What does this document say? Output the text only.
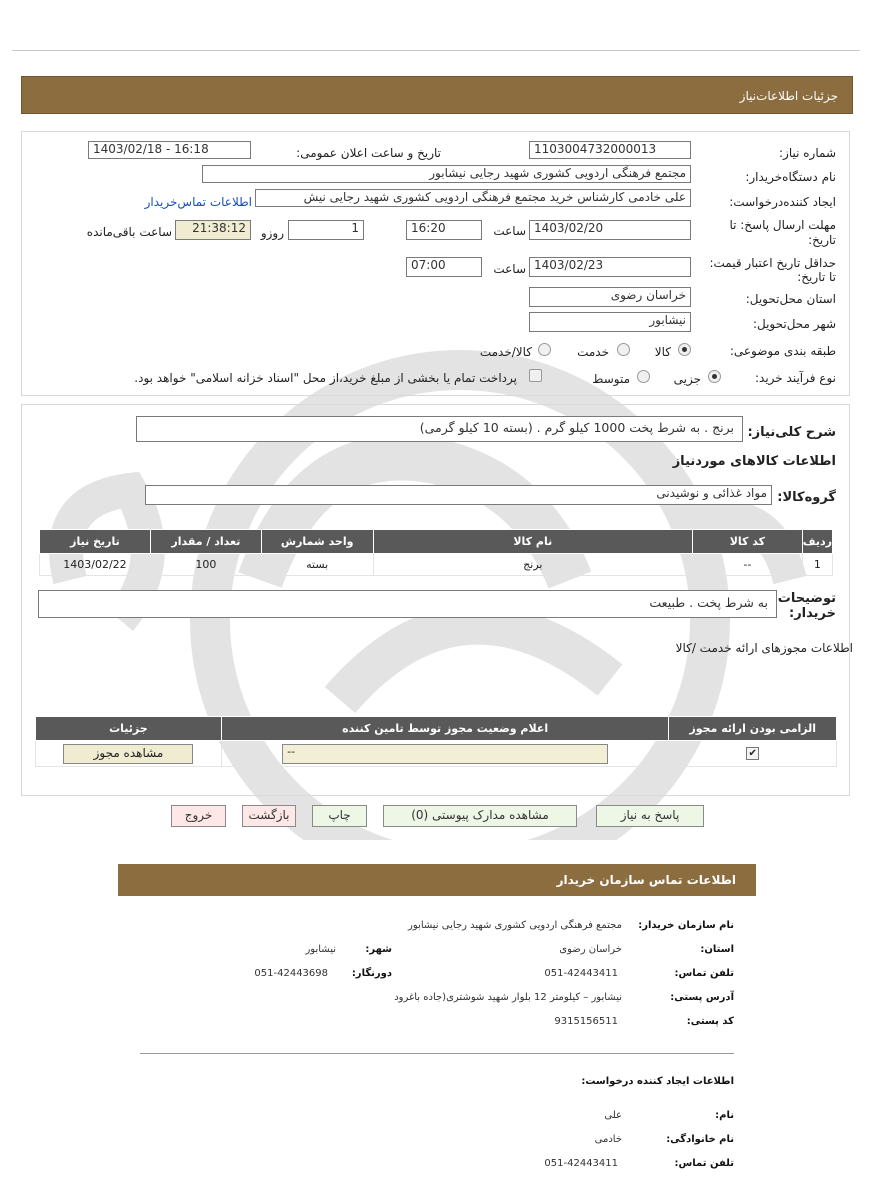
جزئیات اطلاعات‌نیاز
شماره نیاز:
1103004732000013
تاریخ و ساعت اعلان عمومی:
1403/02/18 - 16:18
نام دستگاه‌خریدار:
مجتمع فرهنگی اردویی کشوری شهید رجایی نیشابور
ایجاد کننده‌درخواست:
علی خادمی کارشناس خرید مجتمع فرهنگی اردویی کشوری شهید رجایی نیش
اطلاعات تماس‌خریدار
مهلت ارسال پاسخ: تا
تاریخ:
1403/02/20
ساعت
16:20
1
روزو
21:38:12
ساعت باقی‌مانده
حداقل تاریخ اعتبار قیمت:
تا تاریخ:
1403/02/23
ساعت
07:00
استان محل‌تحویل:
خراسان رضوی
شهر محل‌تحویل:
نیشابور
طبقه بندی موضوعی:
کالا
خدمت
کالا/خدمت
نوع فرآیند خرید:
جزیی
متوسط
پرداخت تمام یا بخشی از مبلغ خرید،از محل "اسناد خزانه اسلامی" خواهد بود.
شرح کلی‌نیاز:
برنج . به شرط پخت 1000 کیلو گرم . (بسته 10 کیلو گرمی)
اطلاعات کالاهای موردنیاز
گروه‌کالا:
مواد غذائی و نوشیدنی
ردیف	کد کالا	نام کالا	واحد شمارش	تعداد / مقدار	تاریخ نیاز
1	--	برنج	بسته	100	1403/02/22
توضیحات
خریدار:
به شرط پخت . طبیعت
اطلاعات مجوزهای ارائه خدمت /کالا
الزامی بودن ارائه مجوز	اعلام وضعیت مجوز توسط تامین کننده	جزئیات
✔	--	مشاهده مجوز
پاسخ به نیاز
مشاهده مدارک پیوستی (0)
چاپ
بازگشت
خروج
اطلاعات تماس سازمان خریدار
نام سازمان خریدار:
مجتمع فرهنگی اردویی کشوری شهید رجایی نیشابور
استان:
خراسان رضوی
شهر:
نیشابور
تلفن تماس:
051-42443411
دورنگار:
051-42443698
آدرس پستی:
نیشابور – کیلومتر 12 بلوار شهید شوشتری(جاده باغرود
کد پستی:
9315156511
اطلاعات ایجاد کننده درخواست:
نام:
علی
نام خانوادگی:
خادمی
تلفن تماس:
051-42443411
